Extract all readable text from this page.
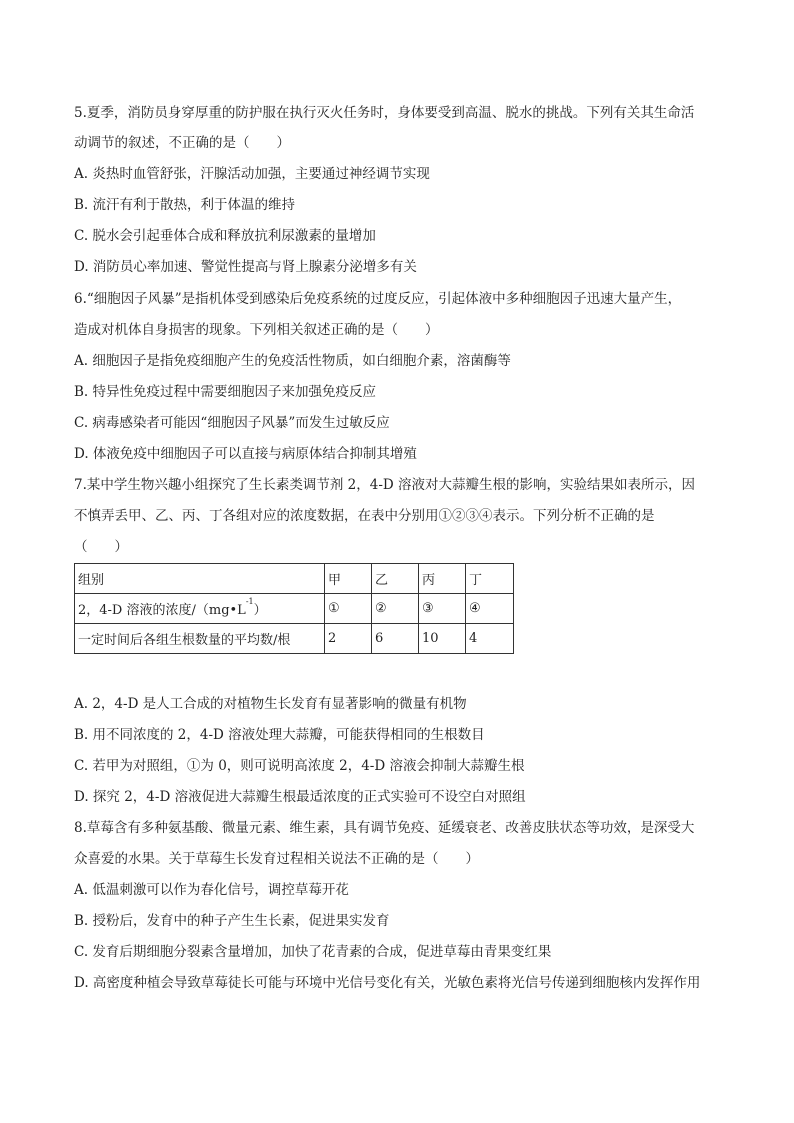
5.夏季，消防员身穿厚重的防护服在执行灭火任务时，身体要受到高温、脱水的挑战。下列有关其生命活
动调节的叙述，不正确的是（　　）
A. 炎热时血管舒张，汗腺活动加强，主要通过神经调节实现
B. 流汗有利于散热，利于体温的维持
C. 脱水会引起垂体合成和释放抗利尿激素的量增加
D. 消防员心率加速、警觉性提高与肾上腺素分泌增多有关
6.“细胞因子风暴”是指机体受到感染后免疫系统的过度反应，引起体液中多种细胞因子迅速大量产生，
造成对机体自身损害的现象。下列相关叙述正确的是（　　）
A. 细胞因子是指免疫细胞产生的免疫活性物质，如白细胞介素，溶菌酶等
B. 特异性免疫过程中需要细胞因子来加强免疫反应
C. 病毒感染者可能因“细胞因子风暴”而发生过敏反应
D. 体液免疫中细胞因子可以直接与病原体结合抑制其增殖
7.某中学生物兴趣小组探究了生长素类调节剂 2，4-D 溶液对大蒜瓣生根的影响，实验结果如表所示，因
不慎弄丢甲、乙、丙、丁各组对应的浓度数据，在表中分别用①②③④表示。下列分析不正确的是
（　　）
组别	甲	乙	丙	丁
2，4-D 溶液的浓度$/(mg•L^{-1})$	①	②	③	④
一定时间后各组生根数量的平均数/根	2	6	10	4
A. 2，4-D 是人工合成的对植物生长发育有显著影响的微量有机物
B. 用不同浓度的 2，4-D 溶液处理大蒜瓣，可能获得相同的生根数目
C. 若甲为对照组，①为 0，则可说明高浓度 2，4-D 溶液会抑制大蒜瓣生根
D. 探究 2，4-D 溶液促进大蒜瓣生根最适浓度的正式实验可不设空白对照组
8.草莓含有多种氨基酸、微量元素、维生素，具有调节免疫、延缓衰老、改善皮肤状态等功效，是深受大
众喜爱的水果。关于草莓生长发育过程相关说法不正确的是（　　）
A. 低温刺激可以作为春化信号，调控草莓开花
B. 授粉后，发育中的种子产生生长素，促进果实发育
C. 发育后期细胞分裂素含量增加，加快了花青素的合成，促进草莓由青果变红果
D. 高密度种植会导致草莓徒长可能与环境中光信号变化有关，光敏色素将光信号传递到细胞核内发挥作用
